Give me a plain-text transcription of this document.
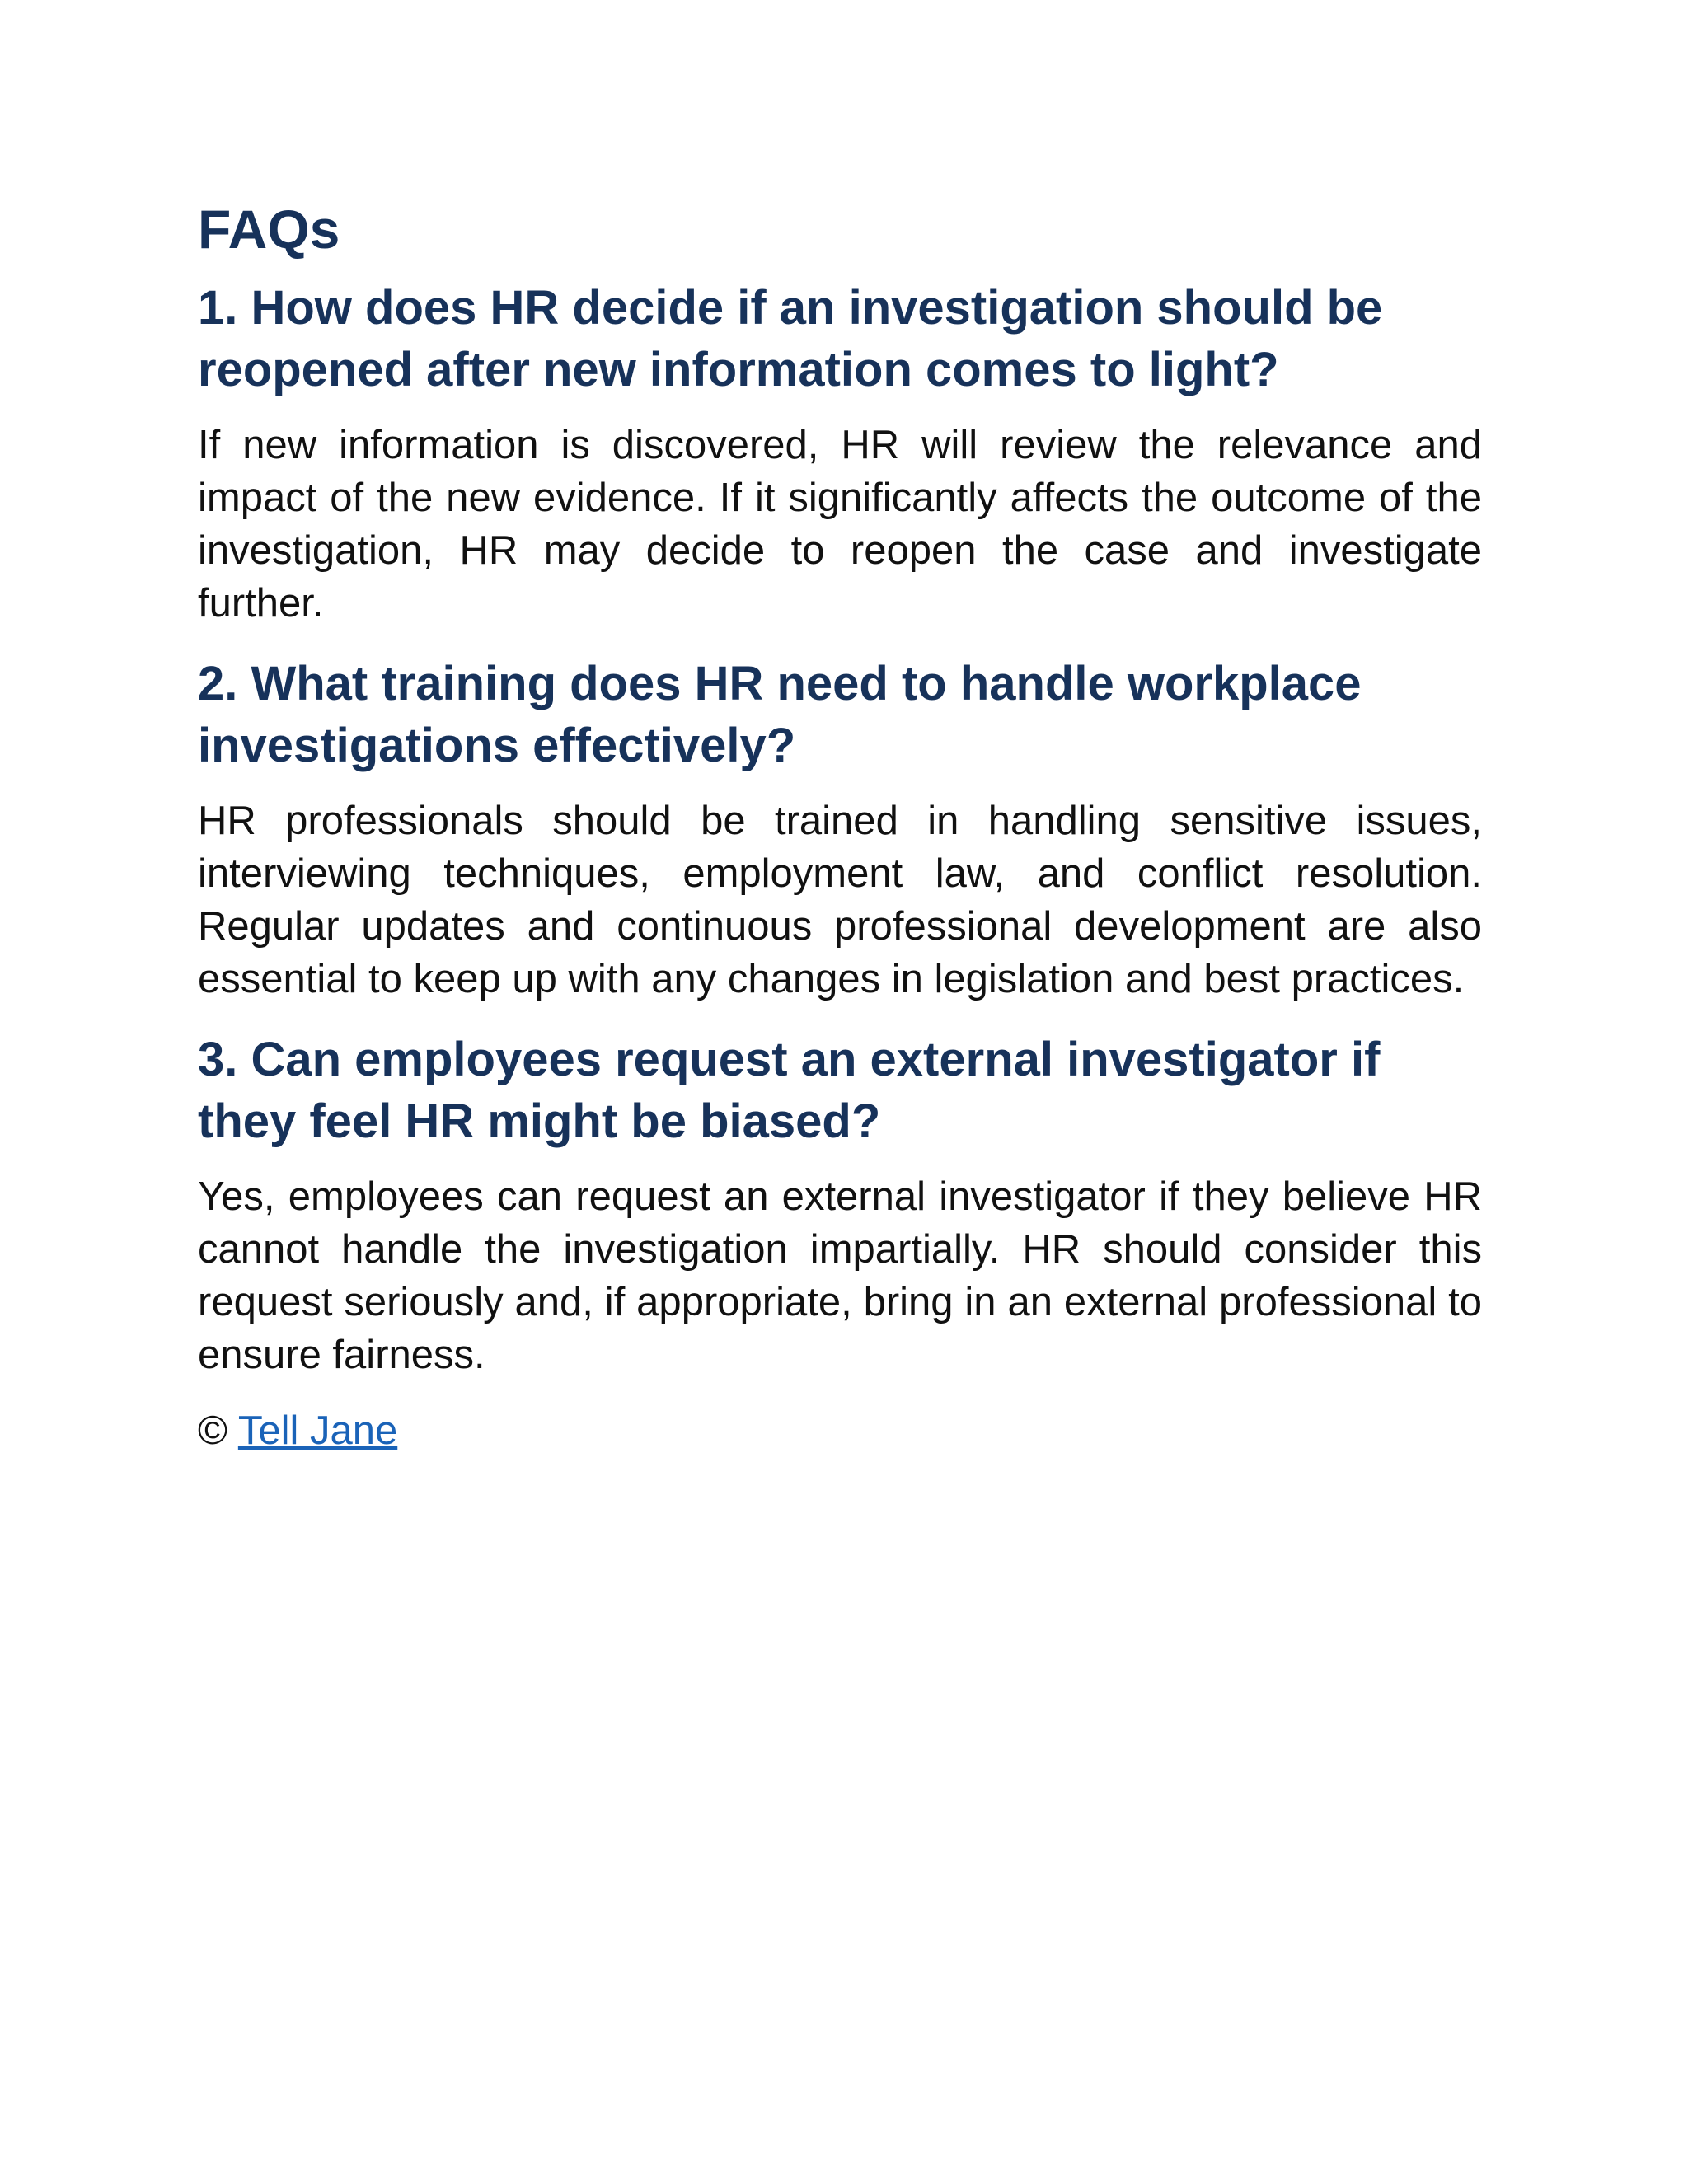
FAQs
1. How does HR decide if an investigation should be reopened after new information comes to light?

If new information is discovered, HR will review the relevance and impact of the new evidence. If it significantly affects the outcome of the investigation, HR may decide to reopen the case and investigate further.

2. What training does HR need to handle workplace investigations effectively?

HR professionals should be trained in handling sensitive issues, interviewing techniques, employment law, and conflict resolution. Regular updates and continuous professional development are also essential to keep up with any changes in legislation and best practices.

3. Can employees request an external investigator if they feel HR might be biased?

Yes, employees can request an external investigator if they believe HR cannot handle the investigation impartially. HR should consider this request seriously and, if appropriate, bring in an external professional to ensure fairness.

© Tell Jane
